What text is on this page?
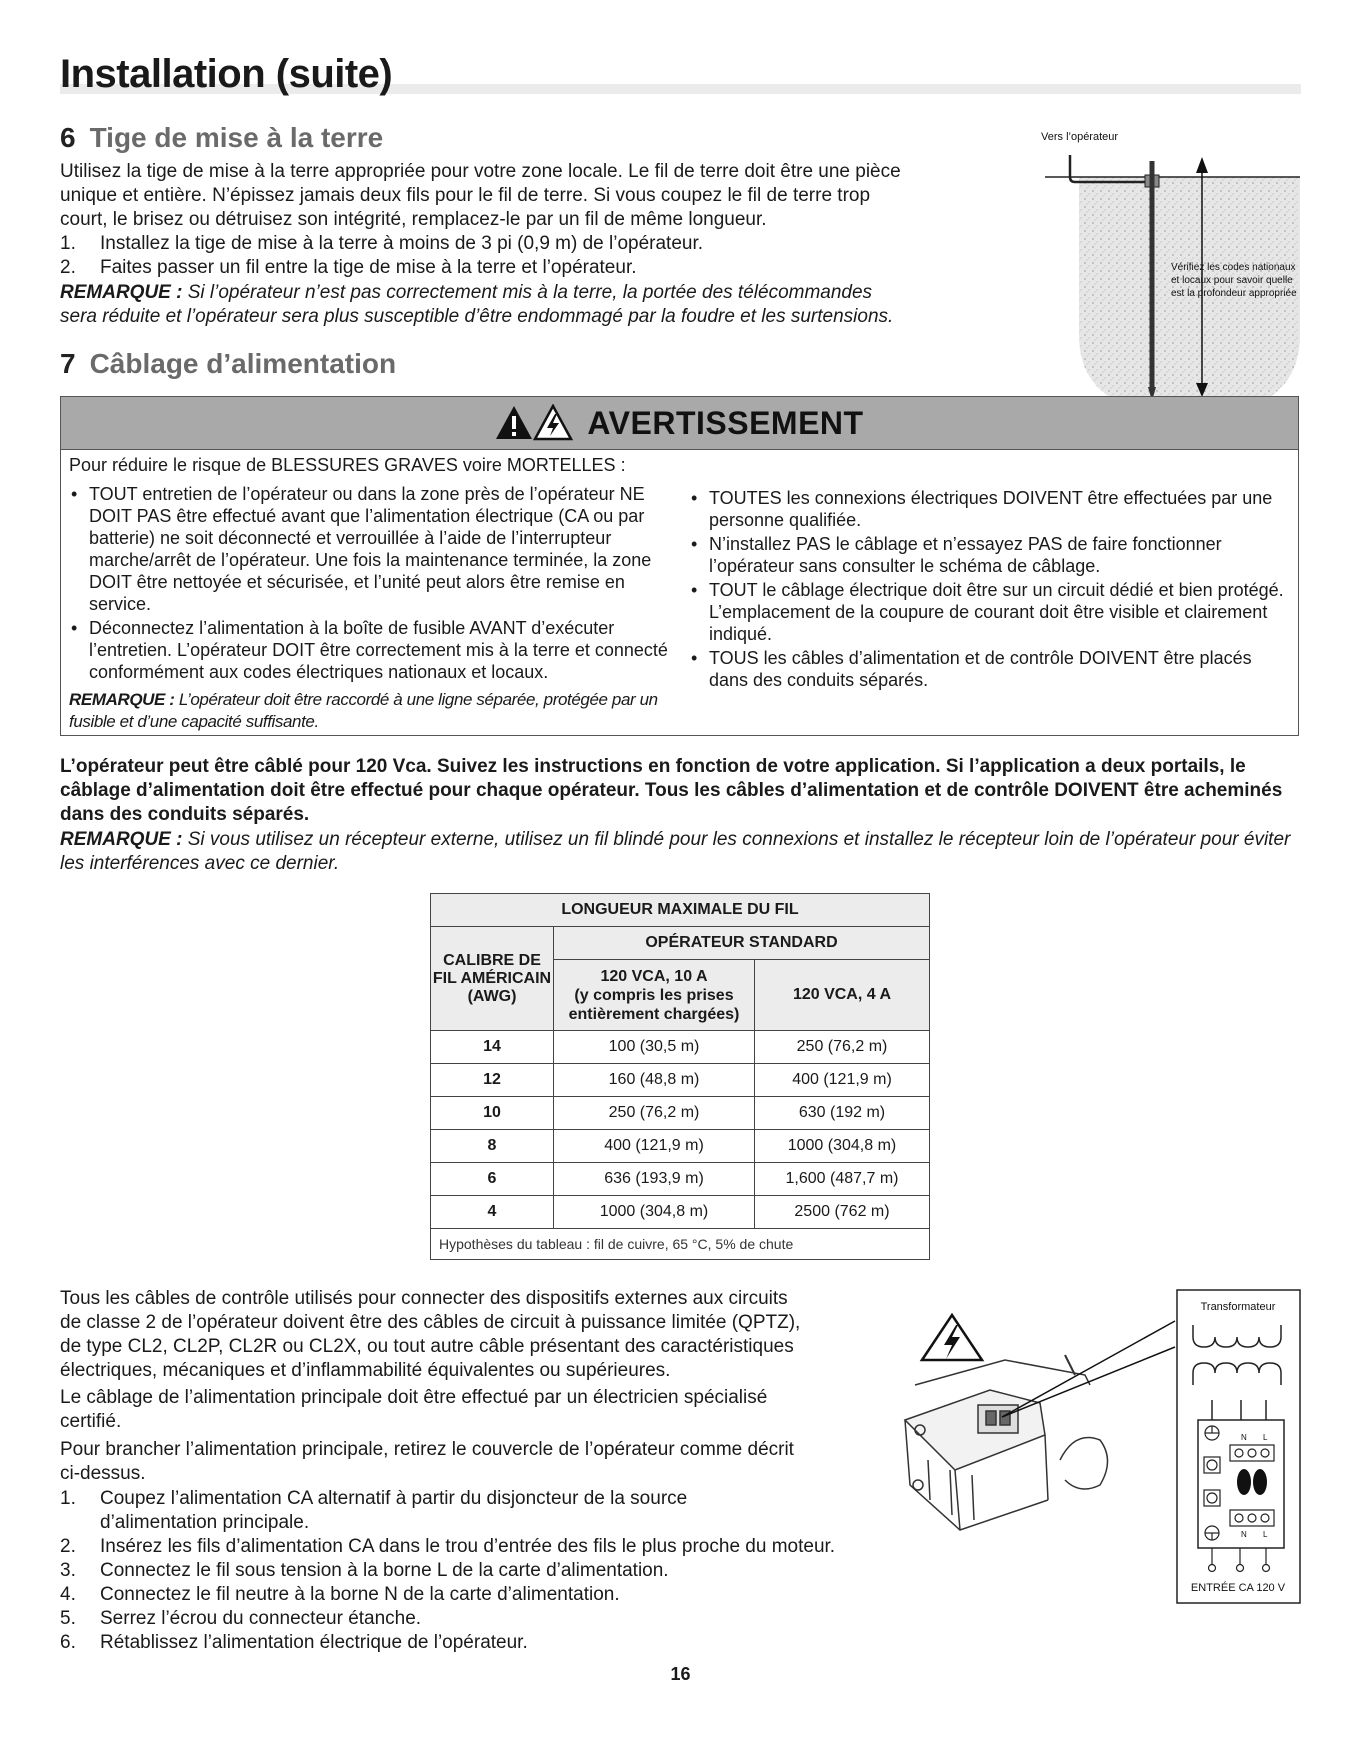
Installation (suite)
6 Tige de mise à la terre

Utilisez la tige de mise à la terre appropriée pour votre zone locale. Le fil de terre doit être une pièce

unique et entière. N’épissez jamais deux fils pour le fil de terre. Si vous coupez le fil de terre trop

court, le brisez ou détruisez son intégrité, remplacez-le par un fil de même longueur.

1.	Installez la tige de mise à la terre à moins de 3 pi (0,9 m) de l’opérateur.
2.	Faites passer un fil entre la tige de mise à la terre et l’opérateur.

REMARQUE : Si l’opérateur n’est pas correctement mis à la terre, la portée des télécommandes

sera réduite et l’opérateur sera plus susceptible d’être endommagé par la foudre et les surtensions.

Vers l’opérateur
Vérifiez les codes nationaux
et locaux pour savoir quelle
est la profondeur appropriée
7 Câblage d’alimentation
AVERTISSEMENT
Pour réduire le risque de BLESSURES GRAVES voire MORTELLES :
• TOUT entretien de l’opérateur ou dans la zone près de l’opérateur NE DOIT PAS être effectué avant que l’alimentation électrique (CA ou par batterie) ne soit déconnecté et verrouillée à l’aide de l’interrupteur marche/arrêt de l’opérateur. Une fois la maintenance terminée, la zone DOIT être nettoyée et sécurisée, et l’unité peut alors être remise en service.
• Déconnectez l’alimentation à la boîte de fusible AVANT d’exécuter l’entretien. L’opérateur DOIT être correctement mis à la terre et connecté conformément aux codes électriques nationaux et locaux.
REMARQUE : L’opérateur doit être raccordé à une ligne séparée, protégée par un fusible et d’une capacité suffisante.
• TOUTES les connexions électriques DOIVENT être effectuées par une personne qualifiée.
• N’installez PAS le câblage et n’essayez PAS de faire fonctionner l’opérateur sans consulter le schéma de câblage.
• TOUT le câblage électrique doit être sur un circuit dédié et bien protégé. L’emplacement de la coupure de courant doit être visible et clairement indiqué.
• TOUS les câbles d’alimentation et de contrôle DOIVENT être placés dans des conduits séparés.

L’opérateur peut être câblé pour 120 Vca. Suivez les instructions en fonction de votre application. Si l’application a deux portails, le câblage d’alimentation doit être effectué pour chaque opérateur. Tous les câbles d’alimentation et de contrôle DOIVENT être acheminés dans des conduits séparés.

REMARQUE : Si vous utilisez un récepteur externe, utilisez un fil blindé pour les connexions et installez le récepteur loin de l’opérateur pour éviter les interférences avec ce dernier.

LONGUEUR MAXIMALE DU FIL		
CALIBRE DE FIL AMÉRICAIN (AWG)	OPÉRATEUR STANDARD	

	120 VCA, 10 A
(y compris les prises
entièrement chargées)	120 VCA, 4 A
14	100 (30,5 m)	250 (76,2 m)
12	160 (48,8 m)	400 (121,9 m)
10	250 (76,2 m)	630 (192 m)
8	400 (121,9 m)	1000 (304,8 m)
6	636 (193,9 m)	1,600 (487,7 m)
4	1000 (304,8 m)	2500 (762 m)
Hypothèses du tableau : fil de cuivre, 65 °C, 5% de chute		

Tous les câbles de contrôle utilisés pour connecter des dispositifs externes aux circuits

de classe 2 de l’opérateur doivent être des câbles de circuit à puissance limitée (QPTZ),

de type CL2, CL2P, CL2R ou CL2X, ou tout autre câble présentant des caractéristiques

électriques, mécaniques et d’inflammabilité équivalentes ou supérieures.

Le câblage de l’alimentation principale doit être effectué par un électricien spécialisé

certifié.

Pour brancher l’alimentation principale, retirez le couvercle de l’opérateur comme décrit

ci-dessus.

1.	Coupez l’alimentation CA alternatif à partir du disjoncteur de la source d’alimentation principale.
2.	Insérez les fils d’alimentation CA dans le trou d’entrée des fils le plus proche du moteur.
3.	Connectez le fil sous tension à la borne L de la carte d’alimentation.
4.	Connectez le fil neutre à la borne N de la carte d’alimentation.
5.	Serrez l’écrou du connecteur étanche.
6.	Rétablissez l’alimentation électrique de l’opérateur.
Transformateur
N L
N L
ENTRÉE CA 120 V
16
